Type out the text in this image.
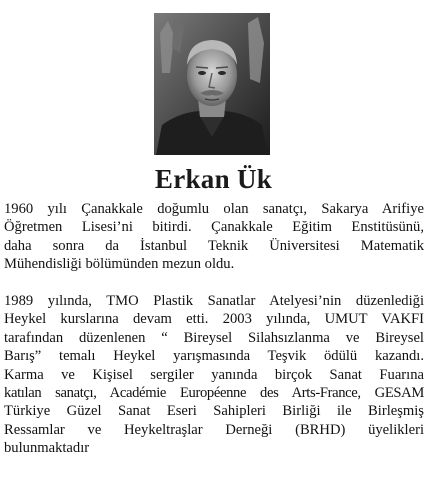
Erkan Ük
1960 yılı Çanakkale doğumlu olan sanatçı, Sakarya Arifiye
Öğretmen Lisesi’ni bitirdi. Çanakkale Eğitim Enstitüsünü,
daha sonra da İstanbul Teknik Üniversitesi Matematik
Mühendisliği bölümünden mezun oldu.
1989 yılında, TMO Plastik Sanatlar Atelyesi’nin düzenlediği
Heykel kurslarına devam etti. 2003 yılında, UMUT VAKFI
tarafından düzenlenen “ Bireysel Silahsızlanma ve Bireysel
Barış” temalı Heykel yarışmasında Teşvik ödülü kazandı.
Karma ve Kişisel sergiler yanında birçok Sanat Fuarına
katılan sanatçı, Académie Européenne des Arts-France, GESAM
Türkiye Güzel Sanat Eseri Sahipleri Birliği ile Birleşmiş
Ressamlar ve Heykeltraşlar Derneği (BRHD) üyelikleri
bulunmaktadır
